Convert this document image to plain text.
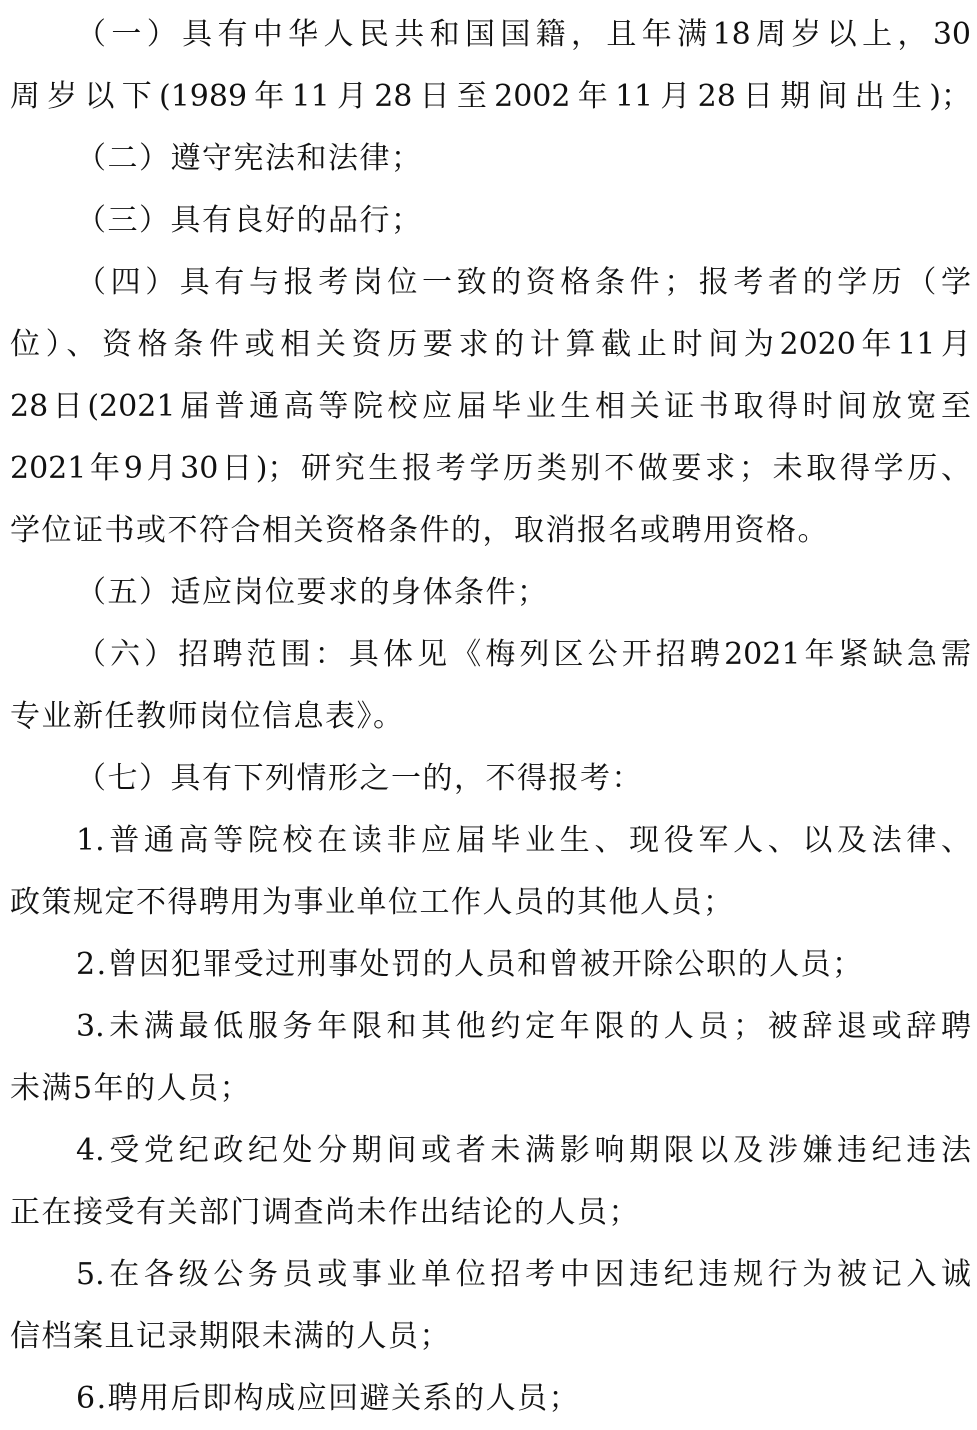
（一）具有中华人民共和国国籍，且年满18周岁以上，30
周岁以下(1989年11月28日至2002年11月28日期间出生)；
（二）遵守宪法和法律；
（三）具有良好的品行；
（四）具有与报考岗位一致的资格条件；报考者的学历（学
位）、资格条件或相关资历要求的计算截止时间为2020年11月
28日(2021届普通高等院校应届毕业生相关证书取得时间放宽至
2021年9月30日)；研究生报考学历类别不做要求；未取得学历、
学位证书或不符合相关资格条件的，取消报名或聘用资格。
（五）适应岗位要求的身体条件；
（六）招聘范围：具体见《梅列区公开招聘2021年紧缺急需
专业新任教师岗位信息表》。
（七）具有下列情形之一的，不得报考：
1.普通高等院校在读非应届毕业生、现役军人、以及法律、
政策规定不得聘用为事业单位工作人员的其他人员；
2.曾因犯罪受过刑事处罚的人员和曾被开除公职的人员；
3.未满最低服务年限和其他约定年限的人员；被辞退或辞聘
未满5年的人员；
4.受党纪政纪处分期间或者未满影响期限以及涉嫌违纪违法
正在接受有关部门调查尚未作出结论的人员；
5.在各级公务员或事业单位招考中因违纪违规行为被记入诚
信档案且记录期限未满的人员；
6.聘用后即构成应回避关系的人员；
